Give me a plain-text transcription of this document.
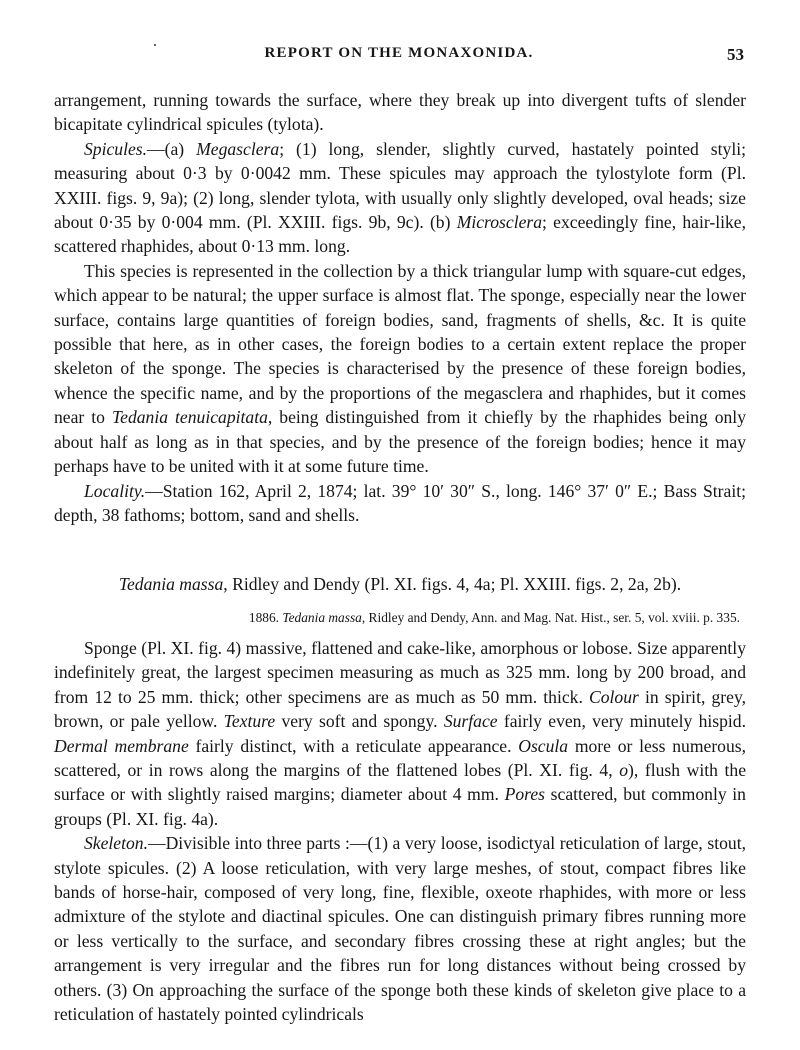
REPORT ON THE MONAXONIDA.	53

arrangement, running towards the surface, where they break up into divergent tufts of slender bicapitate cylindrical spicules (tylota).

Spicules.—(a) Megasclera; (1) long, slender, slightly curved, hastately pointed styli; measuring about 0·3 by 0·0042 mm. These spicules may approach the tylostylote form (Pl. XXIII. figs. 9, 9a); (2) long, slender tylota, with usually only slightly developed, oval heads; size about 0·35 by 0·004 mm. (Pl. XXIII. figs. 9b, 9c). (b) Microsclera; exceedingly fine, hair-like, scattered rhaphides, about 0·13 mm. long.

This species is represented in the collection by a thick triangular lump with square-cut edges, which appear to be natural; the upper surface is almost flat. The sponge, especially near the lower surface, contains large quantities of foreign bodies, sand, fragments of shells, &c. It is quite possible that here, as in other cases, the foreign bodies to a certain extent replace the proper skeleton of the sponge. The species is characterised by the presence of these foreign bodies, whence the specific name, and by the proportions of the megasclera and rhaphides, but it comes near to Tedania tenuicapitata, being distinguished from it chiefly by the rhaphides being only about half as long as in that species, and by the presence of the foreign bodies; hence it may perhaps have to be united with it at some future time.

Locality.—Station 162, April 2, 1874; lat. 39° 10′ 30″ S., long. 146° 37′ 0″ E.; Bass Strait; depth, 38 fathoms; bottom, sand and shells.

Tedania massa, Ridley and Dendy (Pl. XI. figs. 4, 4a; Pl. XXIII. figs. 2, 2a, 2b).
1886. Tedania massa, Ridley and Dendy, Ann. and Mag. Nat. Hist., ser. 5, vol. xviii. p. 335.

Sponge (Pl. XI. fig. 4) massive, flattened and cake-like, amorphous or lobose. Size apparently indefinitely great, the largest specimen measuring as much as 325 mm. long by 200 broad, and from 12 to 25 mm. thick; other specimens are as much as 50 mm. thick. Colour in spirit, grey, brown, or pale yellow. Texture very soft and spongy. Surface fairly even, very minutely hispid. Dermal membrane fairly distinct, with a reticulate appearance. Oscula more or less numerous, scattered, or in rows along the margins of the flattened lobes (Pl. XI. fig. 4, o), flush with the surface or with slightly raised margins; diameter about 4 mm. Pores scattered, but commonly in groups (Pl. XI. fig. 4a).

Skeleton.—Divisible into three parts :—(1) a very loose, isodictyal reticulation of large, stout, stylote spicules. (2) A loose reticulation, with very large meshes, of stout, compact fibres like bands of horse-hair, composed of very long, fine, flexible, oxeote rhaphides, with more or less admixture of the stylote and diactinal spicules. One can distinguish primary fibres running more or less vertically to the surface, and secondary fibres crossing these at right angles; but the arrangement is very irregular and the fibres run for long distances without being crossed by others. (3) On approaching the surface of the sponge both these kinds of skeleton give place to a reticulation of hastately pointed cylindricals
